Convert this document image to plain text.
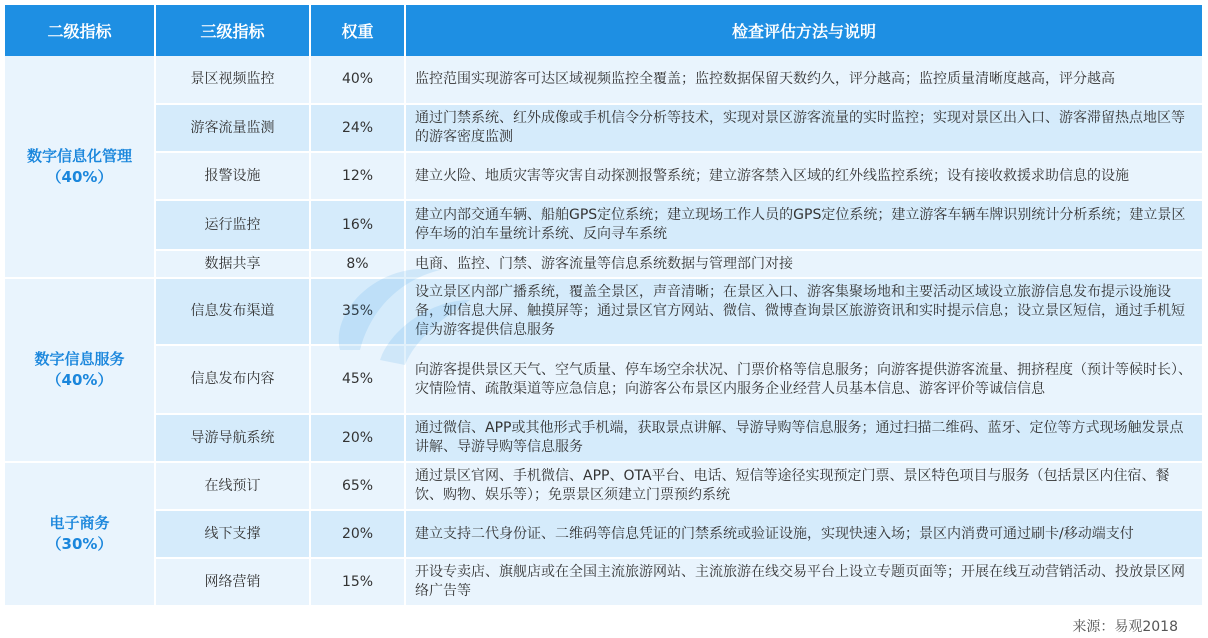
二级指标	三级指标	权重	检查评估方法与说明

数字信息化管理
（40%）	景区视频监控	40%	监控范围实现游客可达区域视频监控全覆盖；监控数据保留天数约久，评分越高；监控质量清晰度越高，评分越高
	游客流量监测	24%	通过门禁系统、红外成像或手机信令分析等技术，实现对景区游客流量的实时监控；实现对景区出入口、游客滞留热点地区等的游客密度监测
	报警设施	12%	建立火险、地质灾害等灾害自动探测报警系统；建立游客禁入区域的红外线监控系统；设有接收救援求助信息的设施
	运行监控	16%	建立内部交通车辆、船舶GPS定位系统；建立现场工作人员的GPS定位系统；建立游客车辆车牌识别统计分析系统；建立景区停车场的泊车量统计系统、反向寻车系统
	数据共享	8%	电商、监控、门禁、游客流量等信息系统数据与管理部门对接

数字信息服务
（40%）	信息发布渠道	35%	设立景区内部广播系统，覆盖全景区，声音清晰；在景区入口、游客集聚场地和主要活动区域设立旅游信息发布提示设施设备，如信息大屏、触摸屏等；通过景区官方网站、微信、微博查询景区旅游资讯和实时提示信息；设立景区短信，通过手机短信为游客提供信息服务
	信息发布内容	45%	向游客提供景区天气、空气质量、停车场空余状况、门票价格等信息服务；向游客提供游客流量、拥挤程度（预计等候时长）、灾情险情、疏散渠道等应急信息；向游客公布景区内服务企业经营人员基本信息、游客评价等诚信信息
	导游导航系统	20%	通过微信、APP或其他形式手机端，获取景点讲解、导游导购等信息服务；通过扫描二维码、蓝牙、定位等方式现场触发景点讲解、导游导购等信息服务

电子商务
（30%）	在线预订	65%	通过景区官网、手机微信、APP、OTA平台、电话、短信等途径实现预定门票、景区特色项目与服务（包括景区内住宿、餐饮、购物、娱乐等）；免票景区须建立门票预约系统
	线下支撑	20%	建立支持二代身份证、二维码等信息凭证的门禁系统或验证设施，实现快速入场；景区内消费可通过刷卡/移动端支付
	网络营销	15%	开设专卖店、旗舰店或在全国主流旅游网站、主流旅游在线交易平台上设立专题页面等；开展在线互动营销活动、投放景区网络广告等
来源：易观2018
